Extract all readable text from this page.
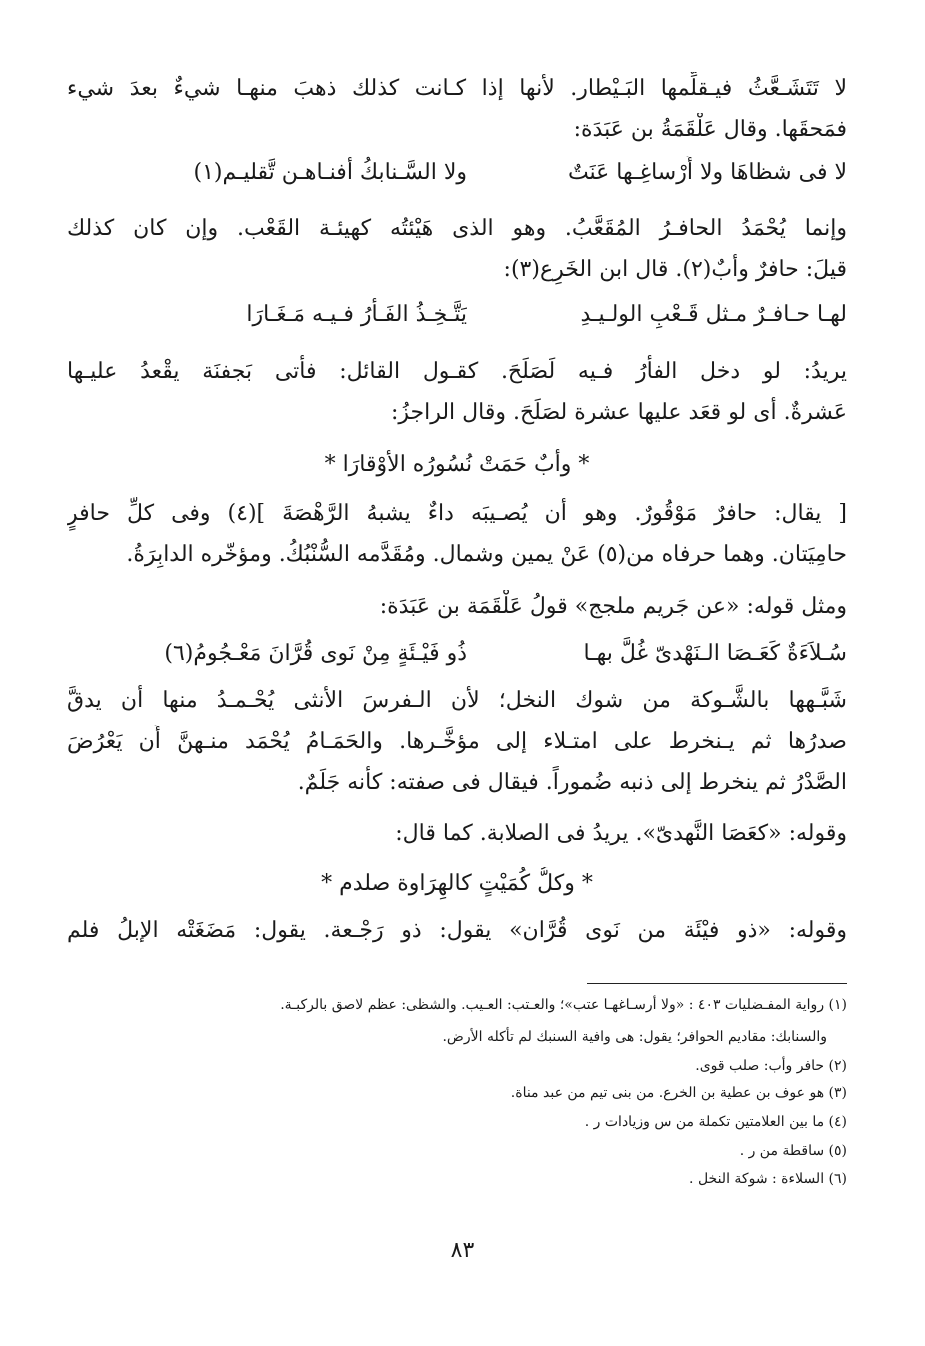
لا تَتَشَـعَّثُ فيـقلِّمها البَـيْطار. لأنها إذا كـانت كذلك ذهبَ منهـا شيءٌ بعدَ شيء
فمَحقَها. وقال عَلْقَمَةُ بن عَبَدَة:
لا فى شظاهَا ولا أَرْساغِـها عَنَتٌ
ولا السَّـنابكُ أفنـاهـن تَّقليـم(١)
وإنما يُحْمَدُ الحافـرُ المُقَعَّبُ. وهو الذى هَيْئتُه كهيئـة القَعْب. وإن كان كذلك
قيلَ: حافرٌ وأبٌ(٢). قال ابن الخَرِع(٣):
لهـا حـافـرٌ مـثل قَـعْبِ الولـيـدِ
يَتَّـخِـذُ الفَـأرُ فـيـه مَـغَـارَا
يريدُ: لو دخل الفأرُ فـيه لَصَلَحَ. كقـول القائل: فأتى بَجفنَة يقْعدُ عليـها
عَشرةٌ. أى لو قعَد عليها عشرة لصَلَحَ. وقال الراجزُ:
* وأبٌ حَمَتْ نُسُورُه الأوْقارَا *
[ يقال: حافرٌ مَوْقُورٌ. وهو أن يُصـيبَه داءٌ يشبهُ الرَّهْصَةَ ](٤) وفى كلِّ حافرٍ
حامِيَتان. وهما حرفاه من(٥) عَنْ يمين وشمال. ومُقَدَّمه السُّنْبُكُ. ومؤخّره الدابِرَةُ.
ومثل قوله: «عن جَريم ملجج» قولُ عَلْقَمَة بن عَبَدَة:
سُـلاَءَةٌ كَعَـصَا الـنَهْدىّ غُلَّ بهـا
ذُو فَيْـئَةٍ مِنْ نَوى قُرَّانَ مَعْـجُومُ(٦)
شَبَّـهها بالشَّـوكة من شوك النخل؛ لأن الـفرسَ الأنثى يُحْـمـدُ منها أن يدقَّ
صدرُها ثم يـنخرط على امتـلاء إلى مؤخَّـرها. والحَمَـامُ يُحْمَد منـهنَّ أَن يَعْرُضَ
الصَّدْرُ ثم ينخرط إلى ذنبه ضُموراً. فيقال فى صفته: كأنه جَلَمٌ.
وقوله: «كعَصَا النَّهدىّ». يريدُ فى الصلابة. كما قال:
* وكلُّ كُمَيْتٍ كالهِرَاوة صلدم *
وقوله: «ذو فيْئَة من نَوى قُرَّان» يقول: ذو رَجْـعة. يقول: مَضَغَتْه الإبلُ فلم
(١) رواية المفـضليات ٤٠٣ : «ولا أرسـاغهـا عتب»؛ والعـتب: العـيب. والشظى: عظم لاصق بالركبـة.
والسنابك: مقاديم الحوافر؛ يقول: هى وافية السنبك لم تأكله الأرض.
(٢) حافر وأب: صلب قوى.
(٣) هو عوف بن عطية بن الخرع. من بنى تيم من عبد مناة.
(٤) ما بين العلامتين تكملة من س وزيادات ر .
(٥) ساقطة من ر .
(٦) السلاءة : شوكة النخل .
٨٣
